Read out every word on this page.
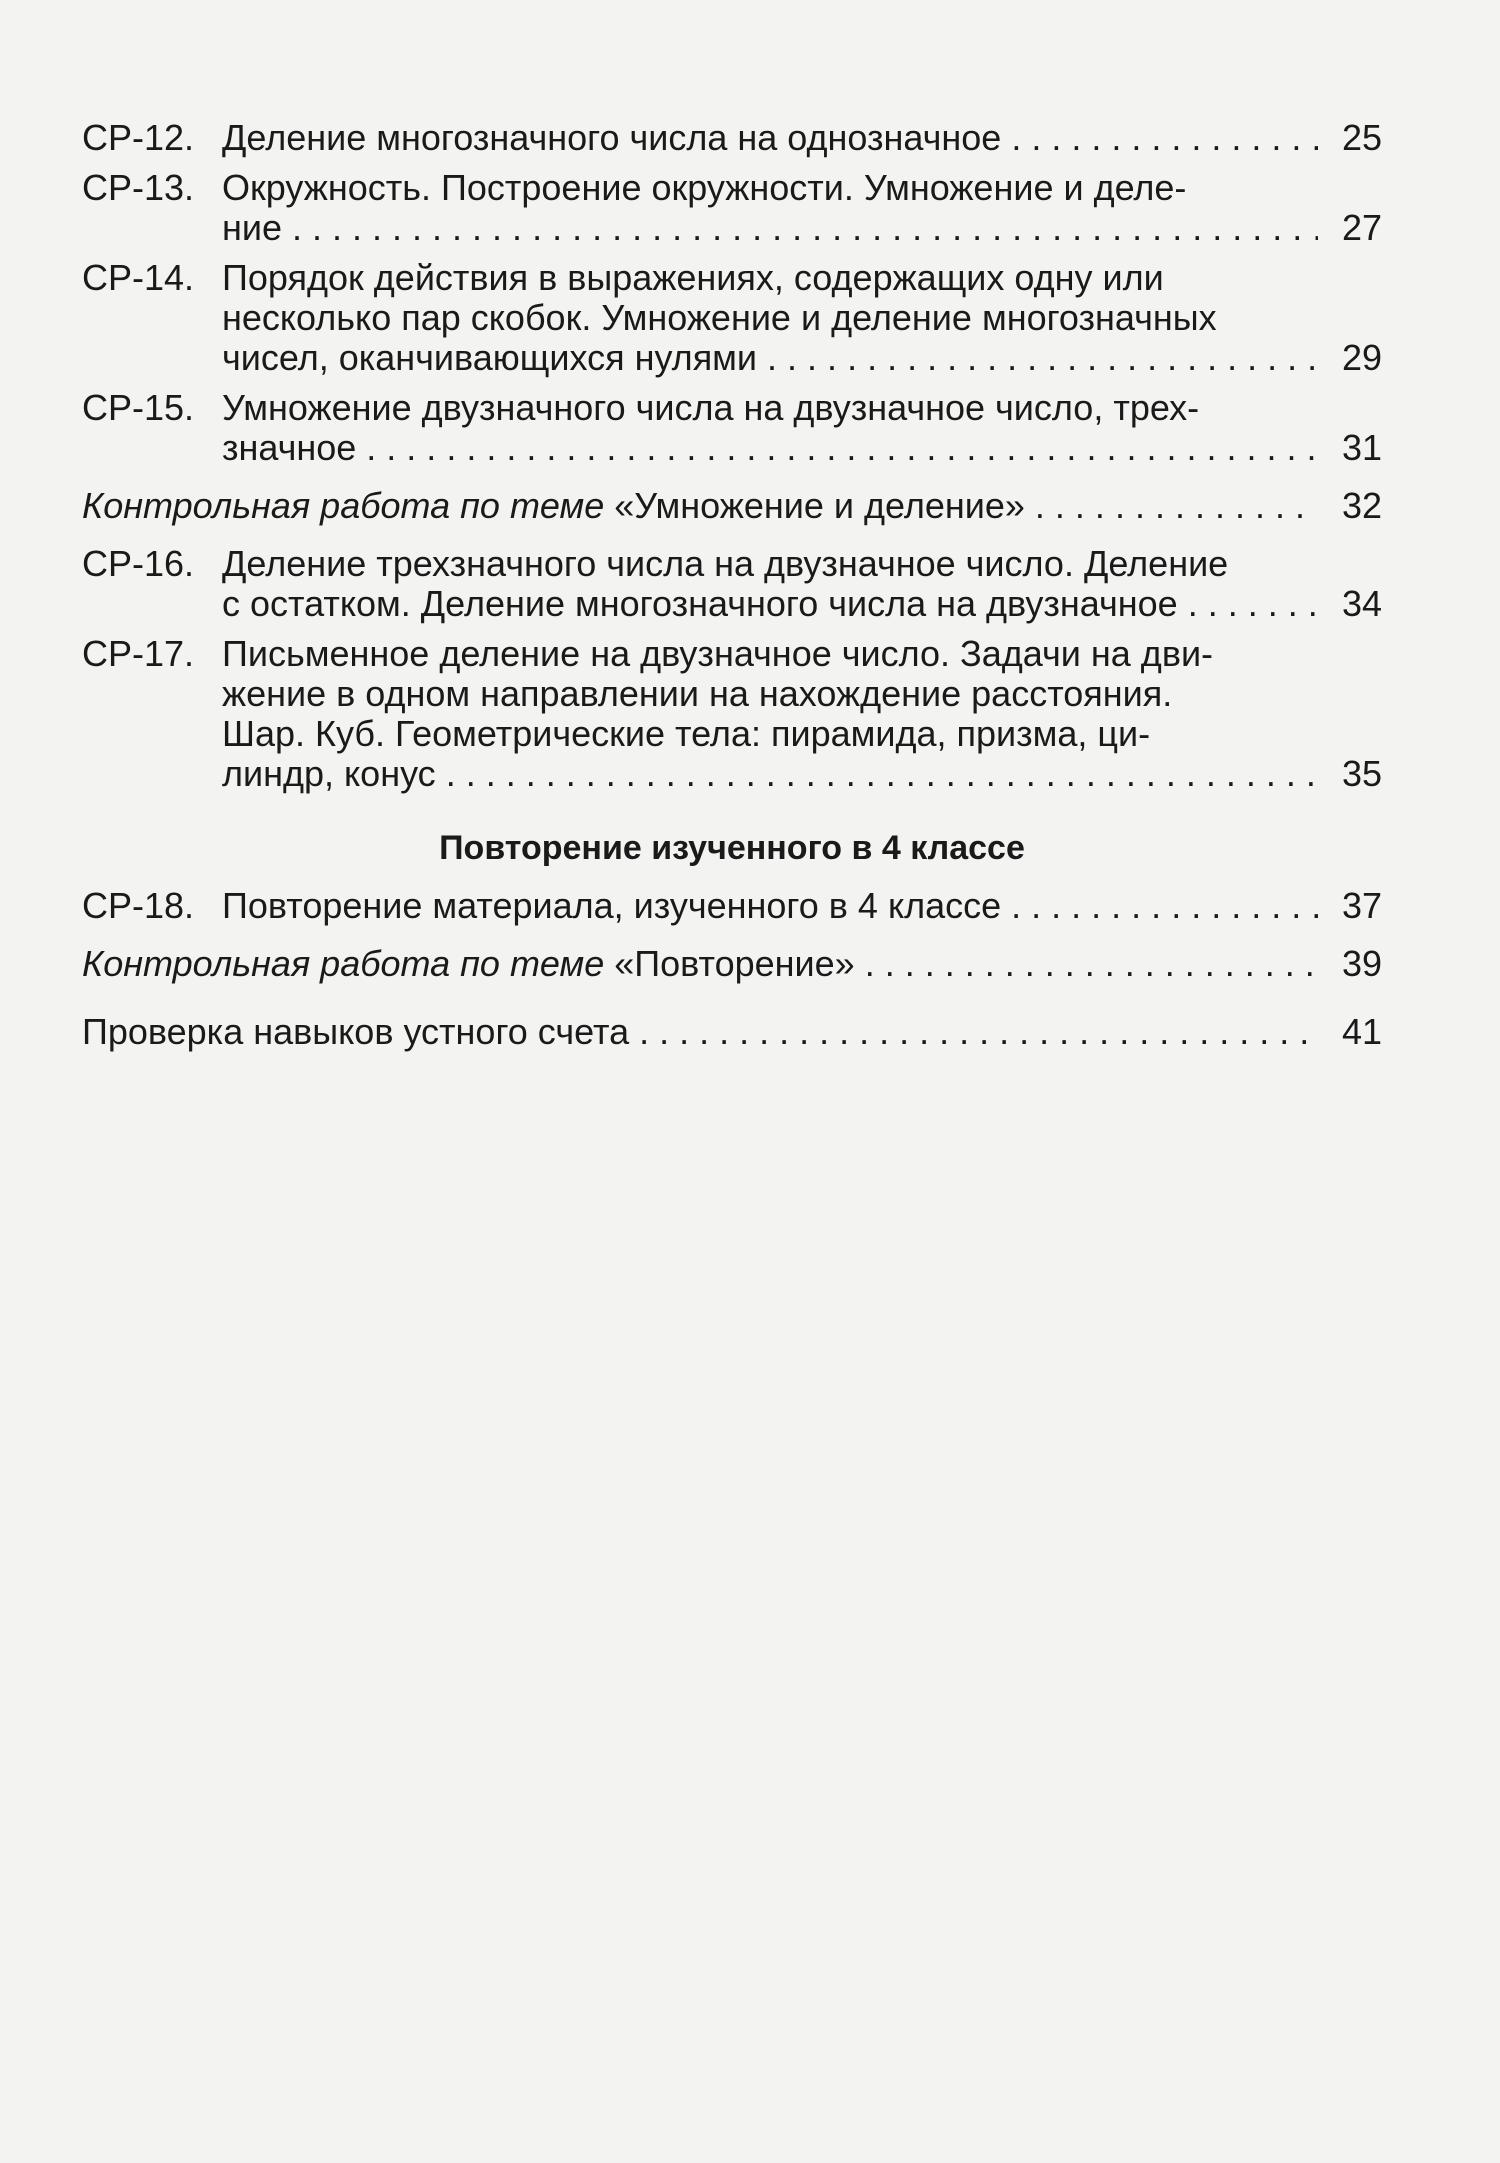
СР-12. Деление многозначного числа на однозначное . . .	25
СР-13. Окружность. Построение окружности. Умножение и деле-
ние . . .	27
СР-14. Порядок действия в выражениях, содержащих одну или
несколько пар скобок. Умножение и деление многозначных
чисел, оканчивающихся нулями . . .	29
СР-15. Умножение двузначного числа на двузначное число, трех-
значное . . .	31
Контрольная работа по теме «Умножение и деление» . . .	32
СР-16. Деление трехзначного числа на двузначное число. Деление
с остатком. Деление многозначного числа на двузначное . . .	34
СР-17. Письменное деление на двузначное число. Задачи на дви-
жение в одном направлении на нахождение расстояния.
Шар. Куб. Геометрические тела: пирамида, призма, ци-
линдр, конус . . .	35
Повторение изученного в 4 классе
СР-18. Повторение материала, изученного в 4 классе . . .	37
Контрольная работа по теме «Повторение» . . .	39
Проверка навыков устного счета . . .	41
